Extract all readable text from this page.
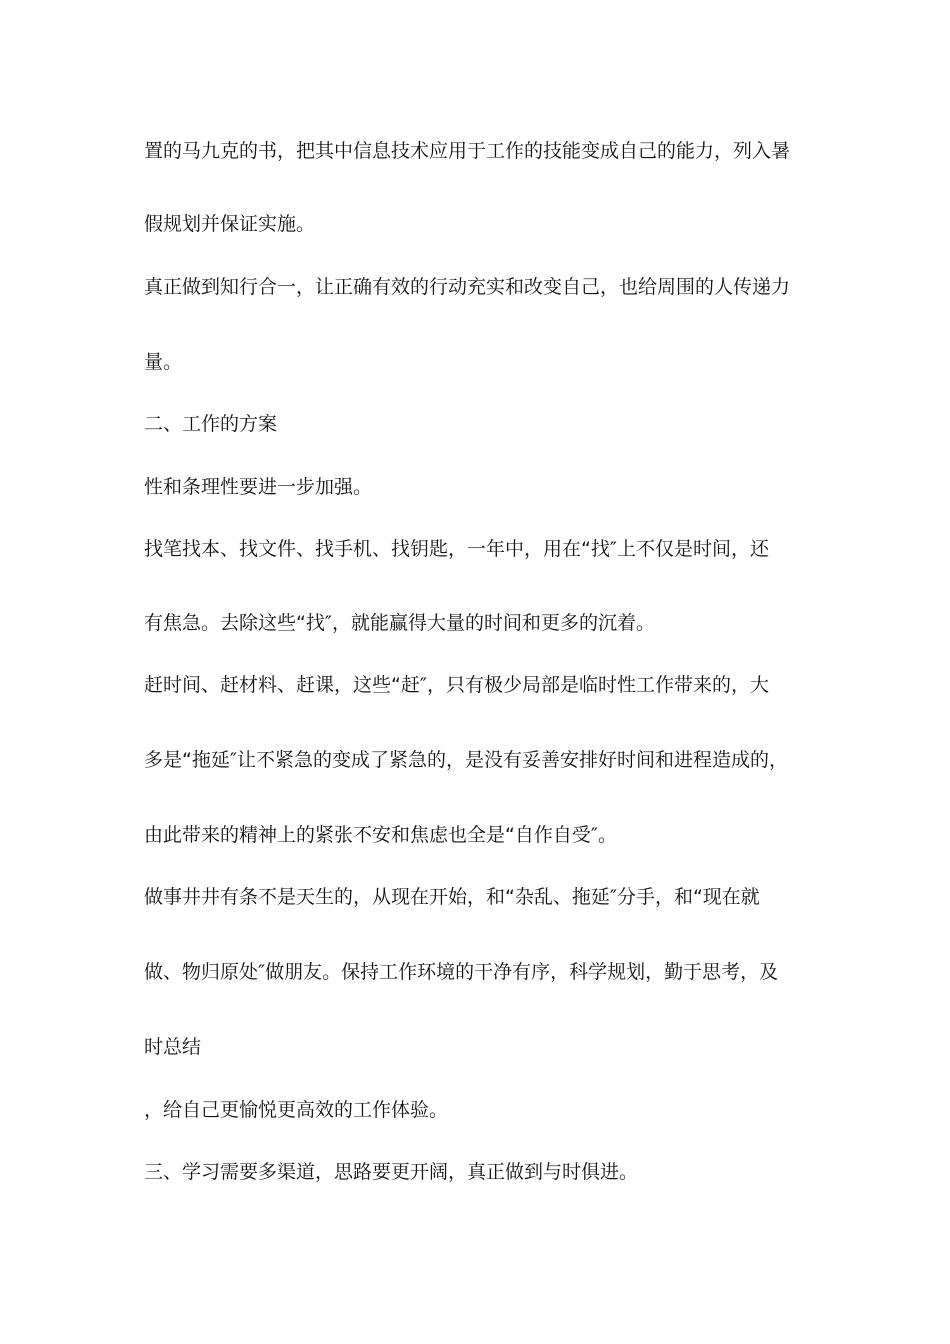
置的马九克的书，把其中信息技术应用于工作的技能变成自己的能力，列入暑

假规划并保证实施。

真正做到知行合一，让正确有效的行动充实和改变自己，也给周围的人传递力

量。

二、工作的方案

性和条理性要进一步加强。

找笔找本、找文件、找手机、找钥匙，一年中，用在“找″上不仅是时间，还

有焦急。去除这些“找″，就能赢得大量的时间和更多的沉着。

赶时间、赶材料、赶课，这些“赶″，只有极少局部是临时性工作带来的，大

多是“拖延″让不紧急的变成了紧急的，是没有妥善安排好时间和进程造成的，

由此带来的精神上的紧张不安和焦虑也全是“自作自受″。

做事井井有条不是天生的，从现在开始，和“杂乱、拖延″分手，和“现在就

做、物归原处″做朋友。保持工作环境的干净有序，科学规划，勤于思考，及

时总结

，给自己更愉悦更高效的工作体验。

三、学习需要多渠道，思路要更开阔，真正做到与时俱进。
